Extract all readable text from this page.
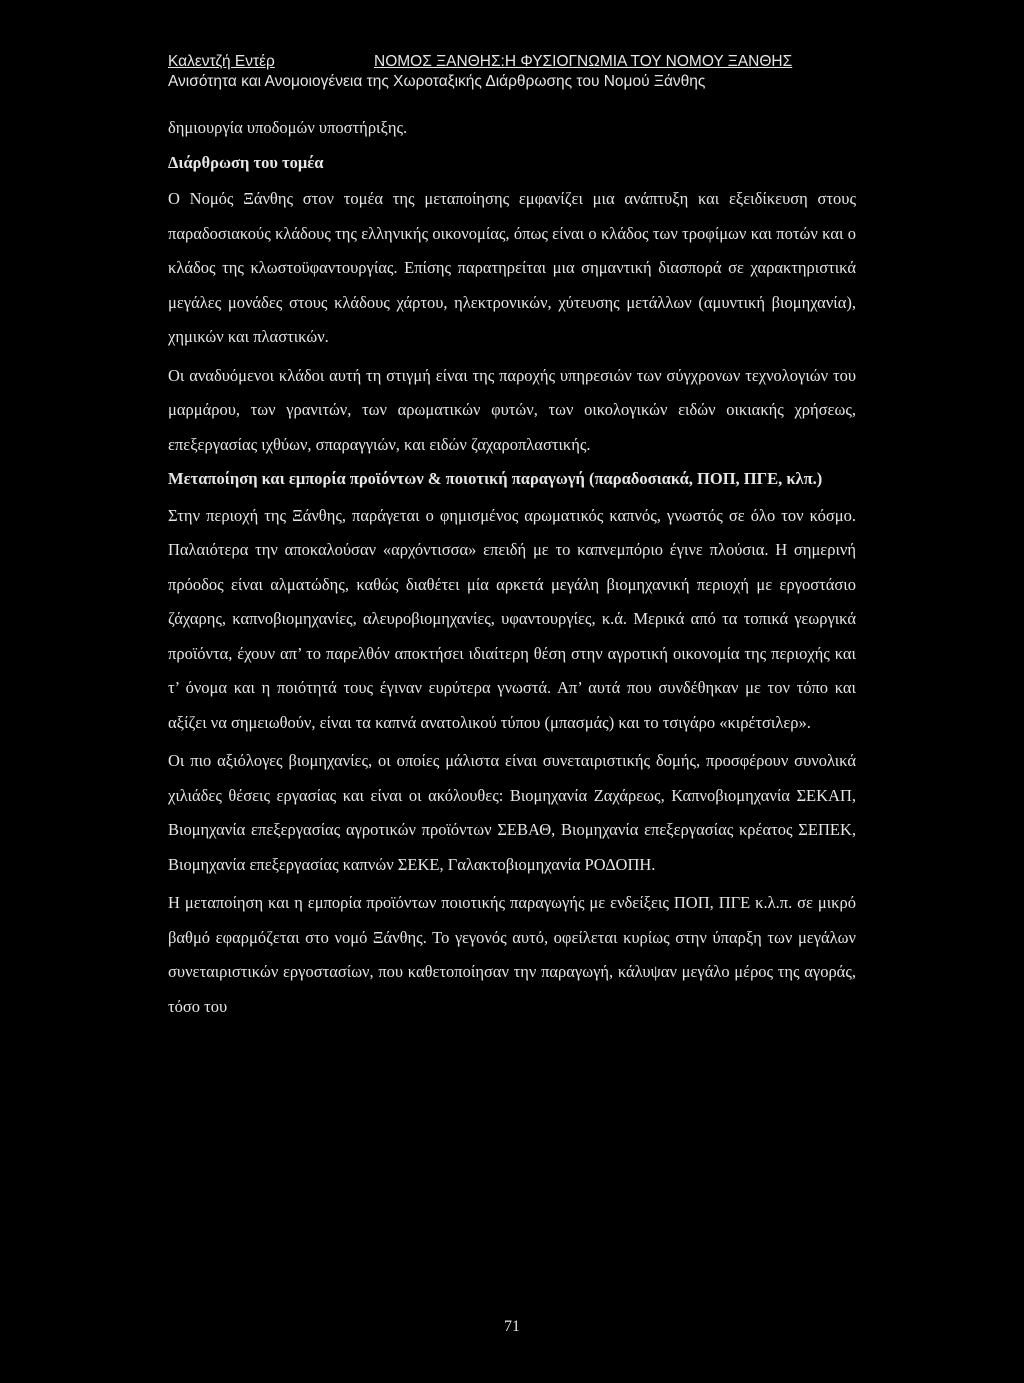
Καλεντζή Εντέρ	ΝΟΜΟΣ ΞΑΝΘΗΣ:Η ΦΥΣΙΟΓΝΩΜΙΑ ΤΟΥ ΝΟΜΟΥ ΞΑΝΘΗΣ
Ανισότητα και Ανομοιογένεια της Χωροταξικής Διάρθρωσης του Νομού Ξάνθης

δημιουργία υποδομών υποστήριξης.

Διάρθρωση του τομέα

Ο Νομός Ξάνθης στον τομέα της μεταποίησης εμφανίζει μια ανάπτυξη και εξειδίκευση στους παραδοσιακούς κλάδους της ελληνικής οικονομίας, όπως είναι ο κλάδος των τροφίμων και ποτών και ο κλάδος της κλωστοϋφαντουργίας. Επίσης παρατηρείται μια σημαντική διασπορά σε χαρακτηριστικά μεγάλες μονάδες στους κλάδους χάρτου, ηλεκτρονικών, χύτευσης μετάλλων (αμυντική βιομηχανία), χημικών και πλαστικών.

Οι αναδυόμενοι κλάδοι αυτή τη στιγμή είναι της παροχής υπηρεσιών των σύγχρονων τεχνολογιών του μαρμάρου, των γρανιτών, των αρωματικών φυτών, των οικολογικών ειδών οικιακής χρήσεως, επεξεργασίας ιχθύων, σπαραγγιών, και ειδών ζαχαροπλαστικής.

Μεταποίηση και εμπορία προϊόντων & ποιοτική παραγωγή (παραδοσιακά, ΠΟΠ, ΠΓΕ, κλπ.)

Στην περιοχή της Ξάνθης, παράγεται ο φημισμένος αρωματικός καπνός, γνωστός σε όλο τον κόσμο. Παλαιότερα την αποκαλούσαν «αρχόντισσα» επειδή με το καπνεμπόριο έγινε πλούσια. Η σημερινή πρόοδος είναι αλματώδης, καθώς διαθέτει μία αρκετά μεγάλη βιομηχανική περιοχή με εργοστάσιο ζάχαρης, καπνοβιομηχανίες, αλευροβιομηχανίες, υφαντουργίες, κ.ά. Μερικά από τα τοπικά γεωργικά προϊόντα, έχουν απ’ το παρελθόν αποκτήσει ιδιαίτερη θέση στην αγροτική οικονομία της περιοχής και τ’ όνομα και η ποιότητά τους έγιναν ευρύτερα γνωστά. Απ’ αυτά που συνδέθηκαν με τον τόπο και αξίζει να σημειωθούν, είναι τα καπνά ανατολικού τύπου (μπασμάς) και το τσιγάρο «κιρέτσιλερ».

Οι πιο αξιόλογες βιομηχανίες, οι οποίες μάλιστα είναι συνεταιριστικής δομής, προσφέρουν συνολικά χιλιάδες θέσεις εργασίας και είναι οι ακόλουθες: Βιομηχανία Ζαχάρεως, Καπνοβιομηχανία ΣΕΚΑΠ, Βιομηχανία επεξεργασίας αγροτικών προϊόντων ΣΕΒΑΘ, Βιομηχανία επεξεργασίας κρέατος ΣΕΠΕΚ, Βιομηχανία επεξεργασίας καπνών ΣΕΚΕ, Γαλακτοβιομηχανία ΡΟΔΟΠΗ.

Η μεταποίηση και η εμπορία προϊόντων ποιοτικής παραγωγής με ενδείξεις ΠΟΠ, ΠΓΕ κ.λ.π. σε μικρό βαθμό εφαρμόζεται στο νομό Ξάνθης. Το γεγονός αυτό, οφείλεται κυρίως στην ύπαρξη των μεγάλων συνεταιριστικών εργοστασίων, που καθετοποίησαν την παραγωγή, κάλυψαν μεγάλο μέρος της αγοράς, τόσο του

71
